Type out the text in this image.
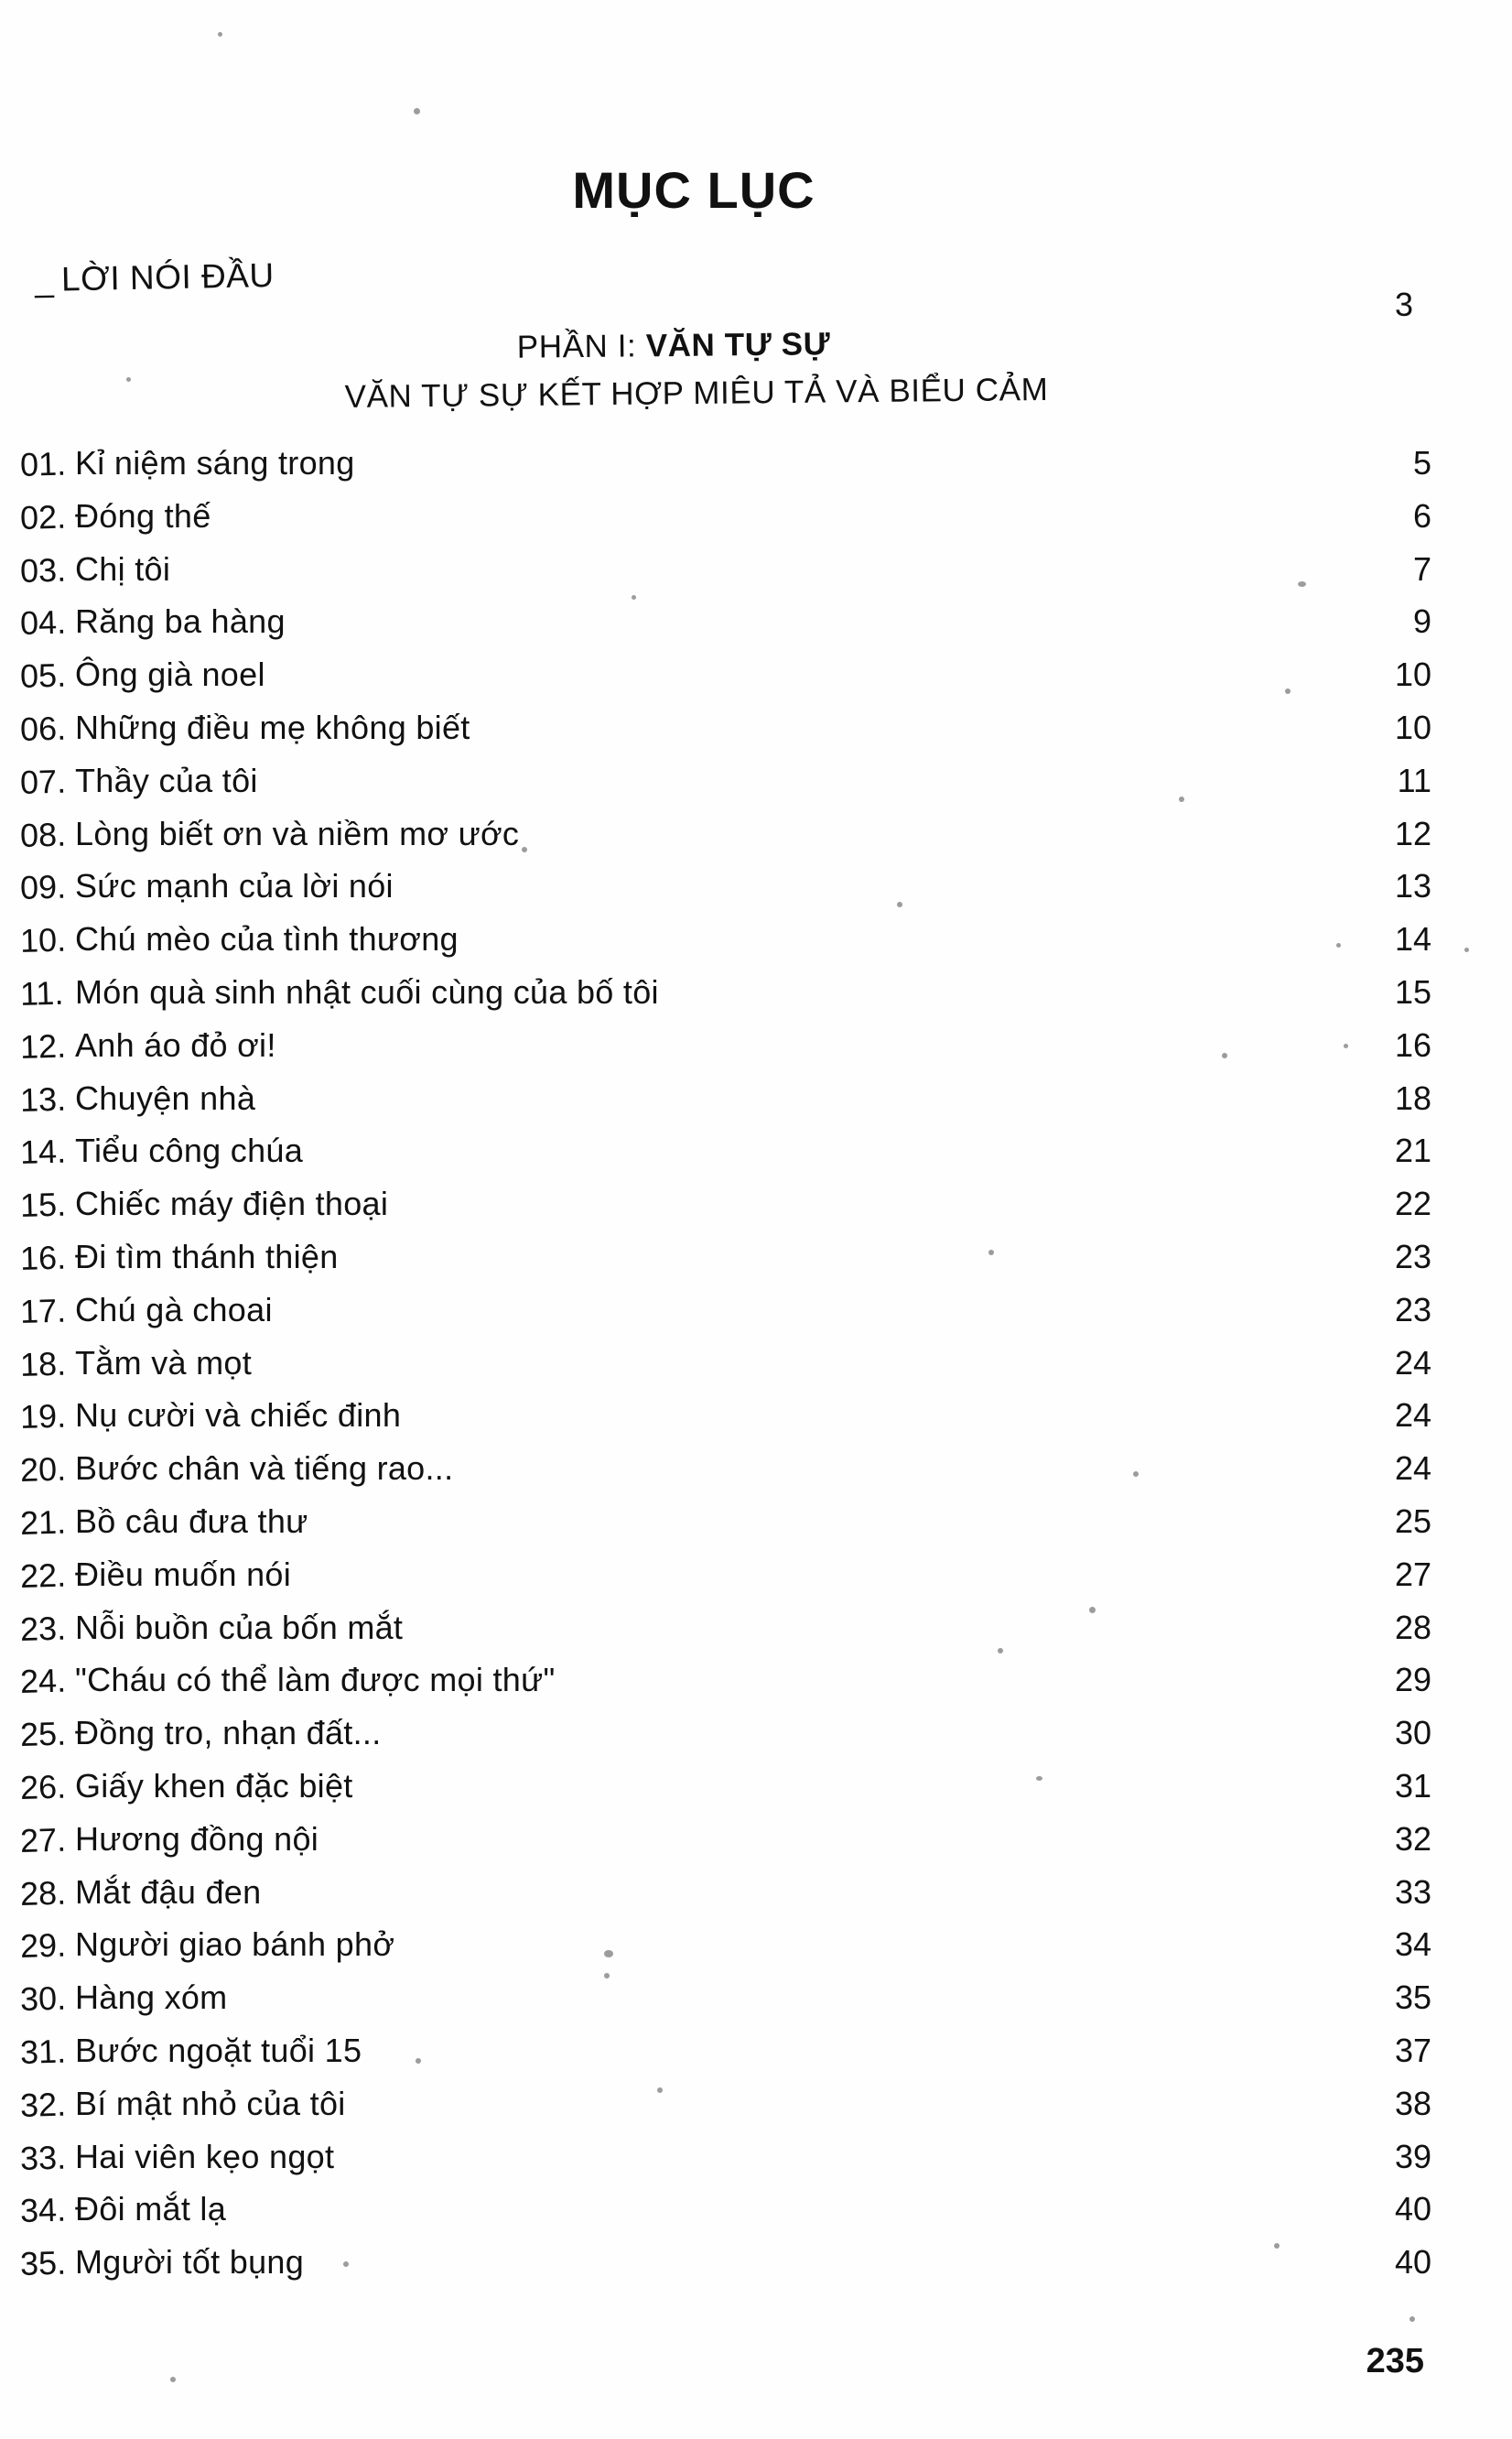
MỤC LỤC
_ LỜI NÓI ĐẦU
3
PHẦN I: VĂN TỰ SỰ
VĂN TỰ SỰ KẾT HỢP MIÊU TẢ VÀ BIỂU CẢM
01. Kỉ niệm sáng trong	5
02. Đóng thế	6
03. Chị tôi	7
04. Răng ba hàng	9
05. Ông già noel	10
06. Những điều mẹ không biết	10
07. Thầy của tôi	11
08. Lòng biết ơn và niềm mơ ước	12
09. Sức mạnh của lời nói	13
10. Chú mèo của tình thương	14
11. Món quà sinh nhật cuối cùng của bố tôi	15
12. Anh áo đỏ ơi!	16
13. Chuyện nhà	18
14. Tiểu công chúa	21
15. Chiếc máy điện thoại	22
16. Đi tìm thánh thiện	23
17. Chú gà choai	23
18. Tằm và mọt	24
19. Nụ cười và chiếc đinh	24
20. Bước chân và tiếng rao...	24
21. Bồ câu đưa thư	25
22. Điều muốn nói	27
23. Nỗi buồn của bốn mắt	28
24. "Cháu có thể làm được mọi thứ"	29
25. Đồng tro, nhạn đất...	30
26. Giấy khen đặc biệt	31
27. Hương đồng nội	32
28. Mắt đậu đen	33
29. Người giao bánh phở	34
30. Hàng xóm	35
31. Bước ngoặt tuổi 15	37
32. Bí mật nhỏ của tôi	38
33. Hai viên kẹo ngọt	39
34. Đôi mắt lạ	40
35. Mgười tốt bụng	40
235
